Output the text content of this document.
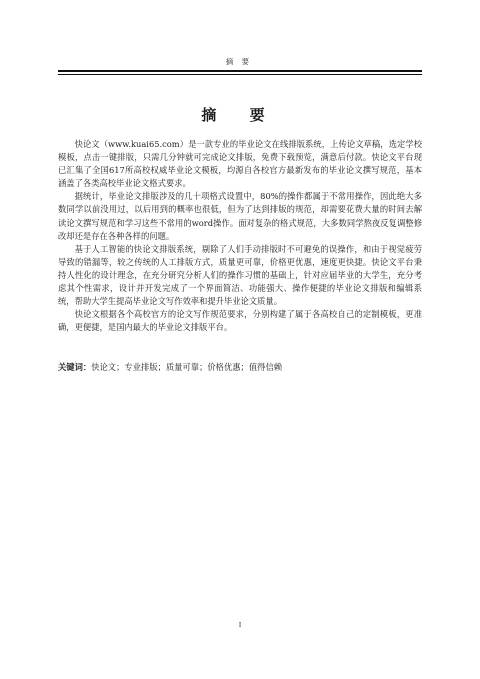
摘 要
摘 要

快论文（www.kuai65.com）是一款专业的毕业论文在线排版系统，上传论文草稿，选定学校模板，点击一键排版，只需几分钟就可完成论文排版，免费下载预览，满意后付款。快论文平台现已汇集了全国617所高校权威毕业论文模板，均源自各校官方最新发布的毕业论文撰写规范，基本涵盖了各类高校毕业论文格式要求。

据统计，毕业论文排版涉及的几十项格式设置中，80%的操作都属于不常用操作，因此绝大多数同学以前没用过，以后用到的概率也很低，但为了达到排版的规范，却需要花费大量的时间去解读论文撰写规范和学习这些不常用的word操作。面对复杂的格式规范，大多数同学熬夜反复调整修改却还是存在各种各样的问题。

基于人工智能的快论文排版系统，剔除了人们手动排版时不可避免的误操作，和由于视觉疲劳导致的错漏等，较之传统的人工排版方式，质量更可靠，价格更优惠，速度更快捷。快论文平台秉持人性化的设计理念，在充分研究分析人们的操作习惯的基础上，针对应届毕业的大学生，充分考虑其个性需求，设计并开发完成了一个界面简洁、功能强大、操作便捷的毕业论文排版和编辑系统，帮助大学生提高毕业论文写作效率和提升毕业论文质量。

快论文根据各个高校官方的论文写作规范要求，分别构建了属于各高校自己的定制模板，更准确，更便捷，是国内最大的毕业论文排版平台。

关键词：快论文；专业排版；质量可靠；价格优惠；值得信赖
I
